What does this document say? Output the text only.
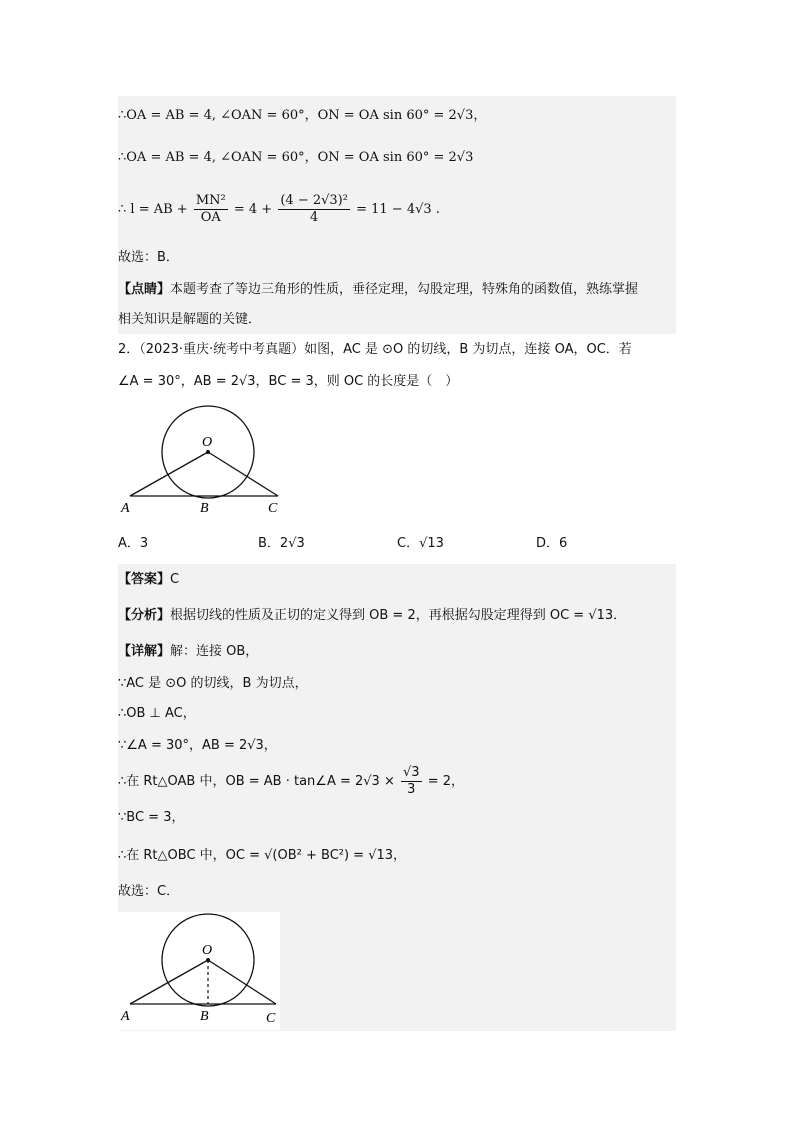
∴OA = AB = 4, ∠OAN = 60°，ON = OA sin 60° = 2√3，
∴OA = AB = 4, ∠OAN = 60°，ON = OA sin 60° = 2√3
∴ l = AB + $\frac{\text{MN²}}{OA} = 4 + \frac{\text{(4 − 2√3)²}}{4} = 11 - 4√3$ .
故选：B．
【点睛】本题考查了等边三角形的性质，垂径定理，勾股定理，特殊角的函数值，熟练掌握
相关知识是解题的关键．
2．（2023·重庆·统考中考真题）如图，AC 是 ⊙O 的切线，B 为切点，连接 OA，OC．若
∠A = 30°，AB = 2√3，BC = 3，则 OC 的长度是（　）
O
A	B	C
A．3	B．2√3	C．√13	D．6
【答案】C
【分析】根据切线的性质及正切的定义得到 OB = 2，再根据勾股定理得到 OC = √13．
【详解】解：连接 OB，
∵AC 是 ⊙O 的切线，B 为切点，
∴OB ⊥ AC，
∵∠A = 30°，AB = 2√3，
∴在 Rt△OAB 中，OB = AB · tan∠A = $2√3 \times \frac{√3}{3} = 2$，
∵BC = 3，
∴在 Rt△OBC 中，OC = √(OB² + BC²) = √13，
故选：C．
O
A	B	C
